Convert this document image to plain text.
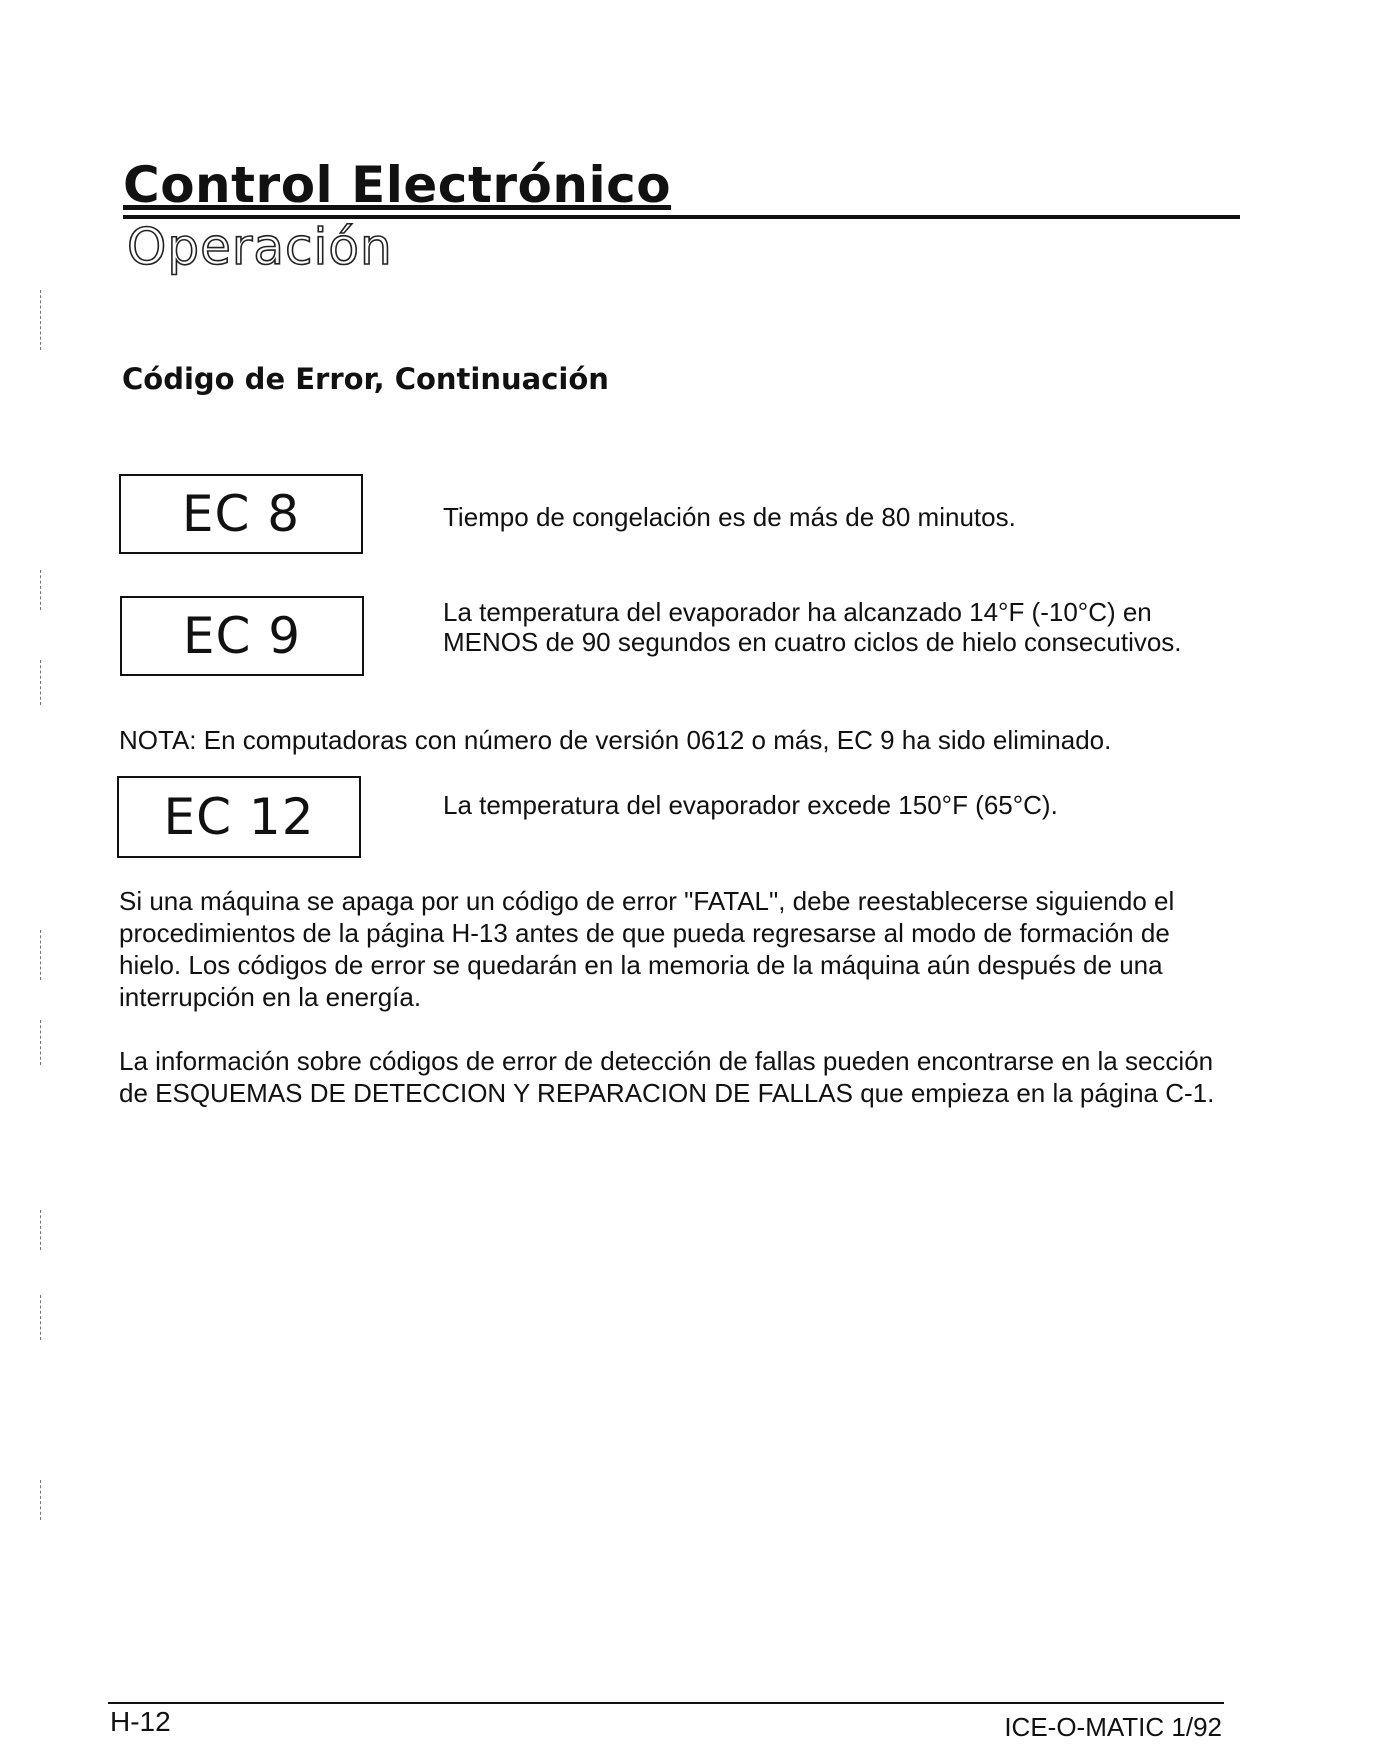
Control Electrónico
Operación
Código de Error, Continuación
EC 8	Tiempo de congelación es de más de 80 minutos.
EC 9	La temperatura del evaporador ha alcanzado 14°F (-10°C) en MENOS de 90 segundos en cuatro ciclos de hielo consecutivos.
NOTA: En computadoras con número de versión 0612 o más, EC 9 ha sido eliminado.
EC 12	La temperatura del evaporador excede 150°F (65°C).

Si una máquina se apaga por un código de error "FATAL", debe reestablecerse siguiendo el procedimientos de la página H-13 antes de que pueda regresarse al modo de formación de hielo. Los códigos de error se quedarán en la memoria de la máquina aún después de una interrupción en la energía.

La información sobre códigos de error de detección de fallas pueden encontrarse en la sección de ESQUEMAS DE DETECCION Y REPARACION DE FALLAS que empieza en la página C-1.

H-12	ICE-O-MATIC 1/92
